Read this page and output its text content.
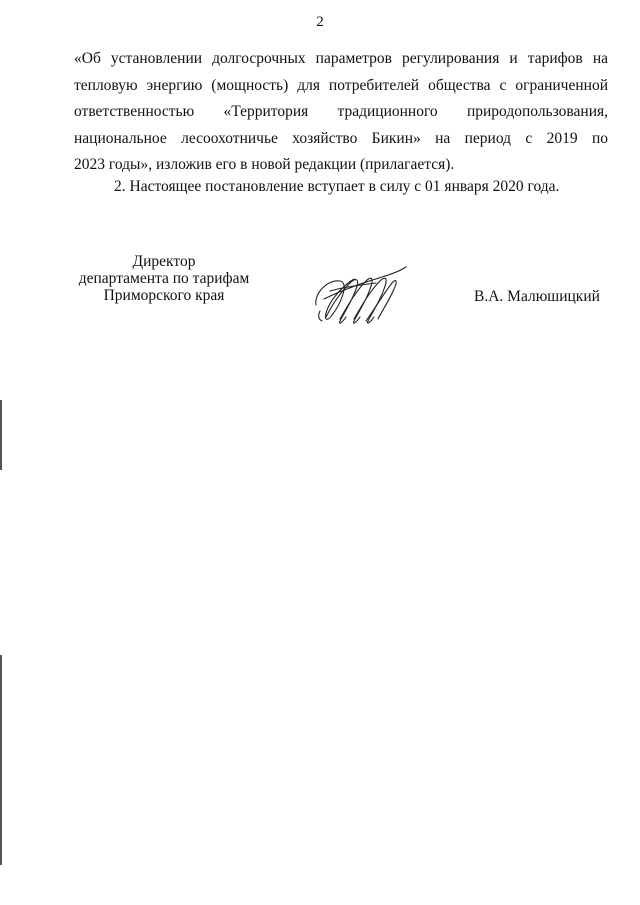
2
«Об установлении долгосрочных параметров регулирования и тарифов на
тепловую энергию (мощность) для потребителей общества с ограниченной
ответственностью «Территория традиционного природопользования,
национальное лесоохотничье хозяйство Бикин» на период с 2019 по
2023 годы», изложив его в новой редакции (прилагается).
2. Настоящее постановление вступает в силу с 01 января 2020 года.
Директор
департамента по тарифам
Приморского края	В.А. Малюшицкий
